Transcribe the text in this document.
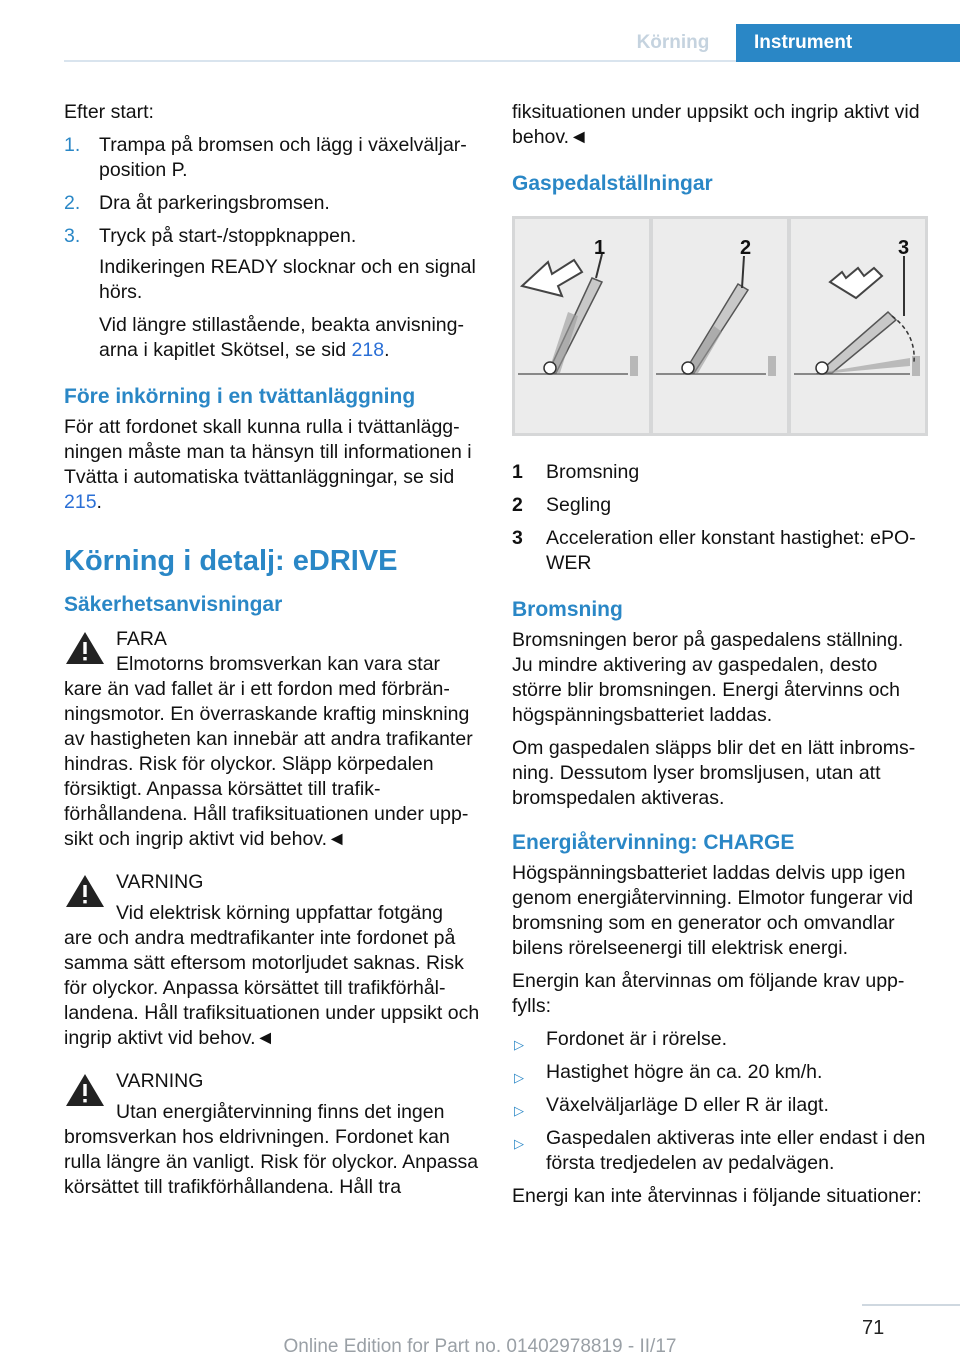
Körning	Instrument

Efter start:

1. Trampa på bromsen och lägg i växelväljarposition P.
2. Dra åt parkeringsbromsen.
3. Tryck på start-/stoppknappen.

Indikeringen READY slocknar och en signal hörs.

Vid längre stillastående, beakta anvisningarna i kapitlet Skötsel, se sid 218.

Före inkörning i en tvättanläggning

För att fordonet skall kunna rulla i tvättanläggningen måste man ta hänsyn till informationen i Tvätta i automatiska tvättanläggningar, se sid 215.

Körning i detalj: eDRIVE
Säkerhetsanvisningar

FARA

Elmotorns bromsverkan kan vara star

kare än vad fallet är i ett fordon med förbränningsmotor. En överraskande kraftig minskning av hastigheten kan innebär att andra trafikanter hindras. Risk för olyckor. Släpp körpedalen försiktigt. Anpassa körsättet till trafikförhållandena. Håll trafiksituationen under uppsikt och ingrip aktivt vid behov.◄

VARNING

Vid elektrisk körning uppfattar fotgäng

are och andra medtrafikanter inte fordonet på samma sätt eftersom motorljudet saknas. Risk för olyckor. Anpassa körsättet till trafikförhållandena. Håll trafiksituationen under uppsikt och ingrip aktivt vid behov.◄

VARNING

Utan energiåtervinning finns det ingen

bromsverkan hos eldrivningen. Fordonet kan rulla längre än vanligt. Risk för olyckor. Anpassa körsättet till trafikförhållandena. Håll tra

fiksituationen under uppsikt och ingrip aktivt vid behov.◄

Gaspedalställningar
1	2	3
1 Bromsning
2 Segling
3 Acceleration eller konstant hastighet: ePOWER
Bromsning

Bromsningen beror på gaspedalens ställning. Ju mindre aktivering av gaspedalen, desto större blir bromsningen. Energi återvinns och högspänningsbatteriet laddas.

Om gaspedalen släpps blir det en lätt inbromsning. Dessutom lyser bromsljusen, utan att bromspedalen aktiveras.

Energiåtervinning: CHARGE

Högspänningsbatteriet laddas delvis upp igen genom energiåtervinning. Elmotor fungerar vid bromsning som en generator och omvandlar bilens rörelseenergi till elektrisk energi.

Energin kan återvinnas om följande krav uppfylls:

▷ Fordonet är i rörelse.
▷ Hastighet högre än ca. 20 km/h.
▷ Växelväljarläge D eller R är ilagt.
▷ Gaspedalen aktiveras inte eller endast i den första tredjedelen av pedalvägen.

Energi kan inte återvinnas i följande situationer:

71
Online Edition for Part no. 01402978819 - II/17
